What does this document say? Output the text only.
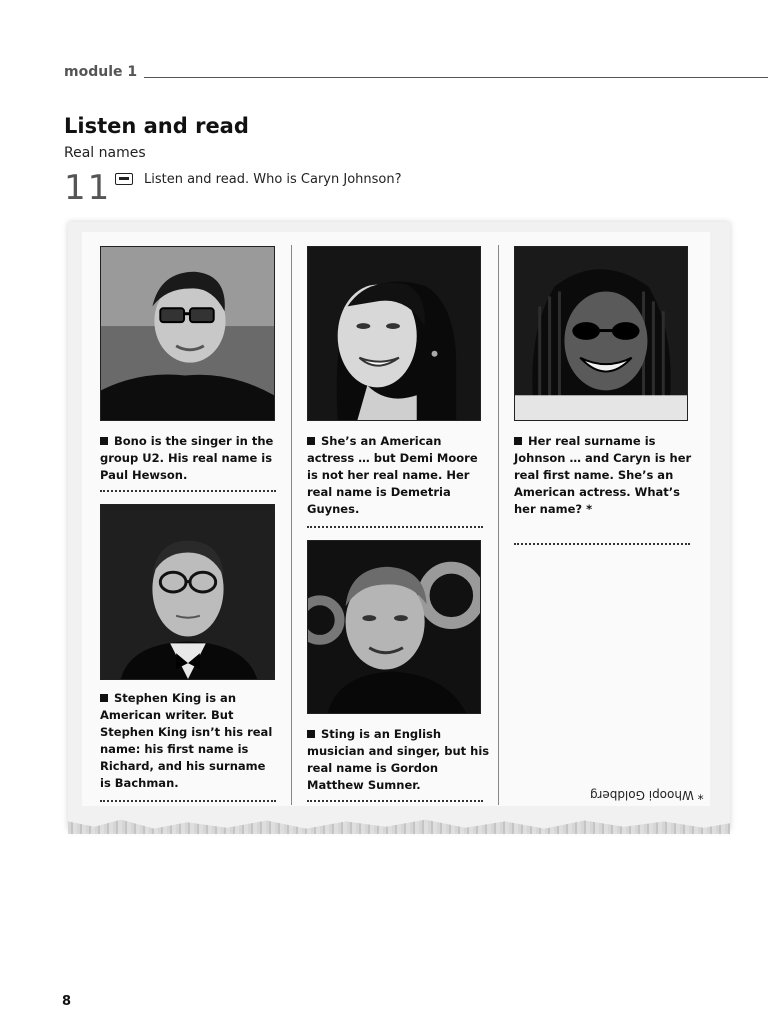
module 1
Listen and read
Real names
11	Listen and read. Who is Caryn Johnson?
Bono is the singer in the group U2. His real name is Paul Hewson.
She’s an American actress … but Demi Moore is not her real name. Her real name is Demetria Guynes.
Her real surname is Johnson … and Caryn is her real first name. She’s an American actress. What’s her name? *
Stephen King is an American writer. But Stephen King isn’t his real name: his first name is Richard, and his surname is Bachman.
Sting is an English musician and singer, but his real name is Gordon Matthew Sumner.
* Whoopi Goldberg
8
